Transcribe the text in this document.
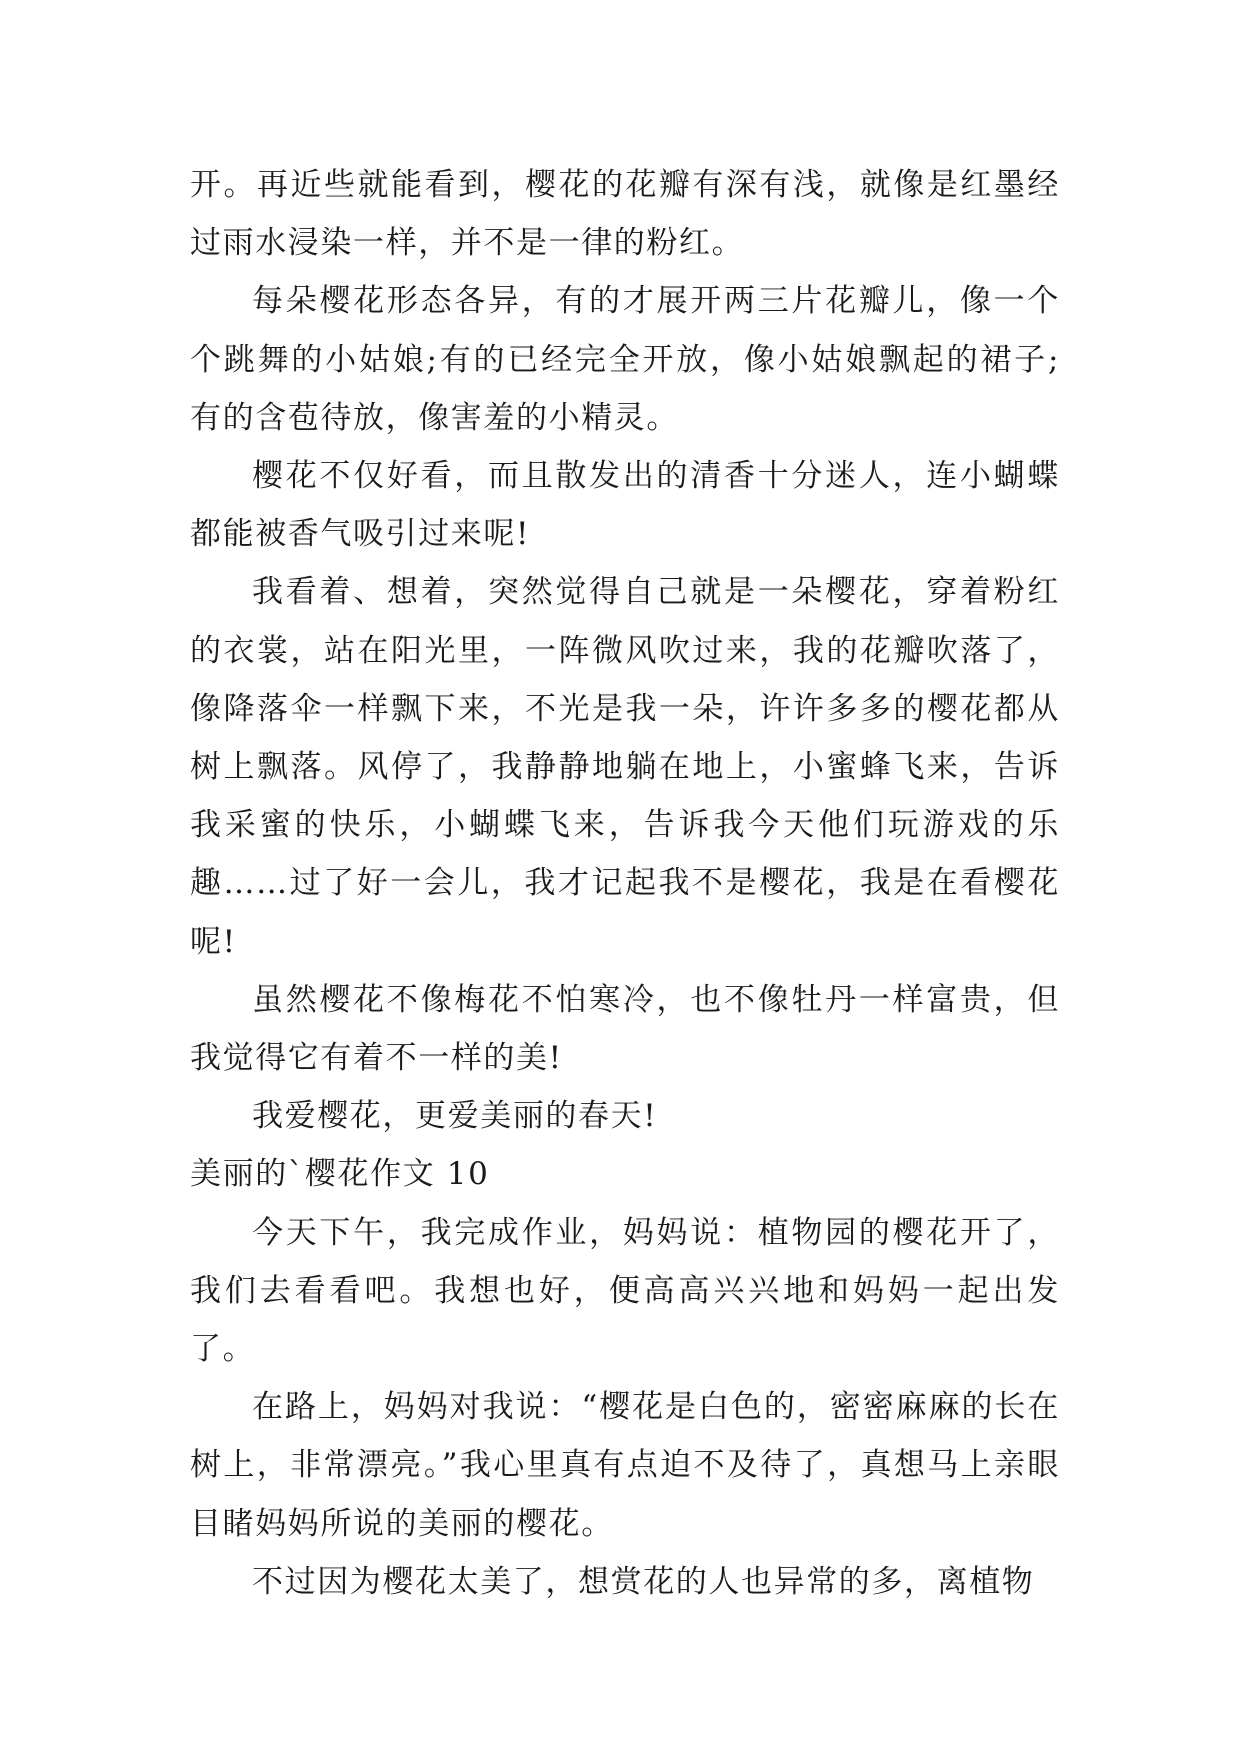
开。再近些就能看到，樱花的花瓣有深有浅，就像是红墨经过雨水浸染一样，并不是一律的粉红。

每朵樱花形态各异，有的才展开两三片花瓣儿，像一个个跳舞的小姑娘;有的已经完全开放，像小姑娘飘起的裙子;有的含苞待放，像害羞的小精灵。

樱花不仅好看，而且散发出的清香十分迷人，连小蝴蝶都能被香气吸引过来呢!

我看着、想着，突然觉得自己就是一朵樱花，穿着粉红的衣裳，站在阳光里，一阵微风吹过来，我的花瓣吹落了，像降落伞一样飘下来，不光是我一朵，许许多多的樱花都从树上飘落。风停了，我静静地躺在地上，小蜜蜂飞来，告诉我采蜜的快乐，小蝴蝶飞来，告诉我今天他们玩游戏的乐趣……过了好一会儿，我才记起我不是樱花，我是在看樱花呢!

虽然樱花不像梅花不怕寒冷，也不像牡丹一样富贵，但我觉得它有着不一样的美!

我爱樱花，更爱美丽的春天!

美丽的`樱花作文 10

今天下午，我完成作业，妈妈说：植物园的樱花开了，我们去看看吧。我想也好，便高高兴兴地和妈妈一起出发了。

在路上，妈妈对我说：“樱花是白色的，密密麻麻的长在树上，非常漂亮。”我心里真有点迫不及待了，真想马上亲眼目睹妈妈所说的美丽的樱花。

不过因为樱花太美了，想赏花的人也异常的多，离植物
